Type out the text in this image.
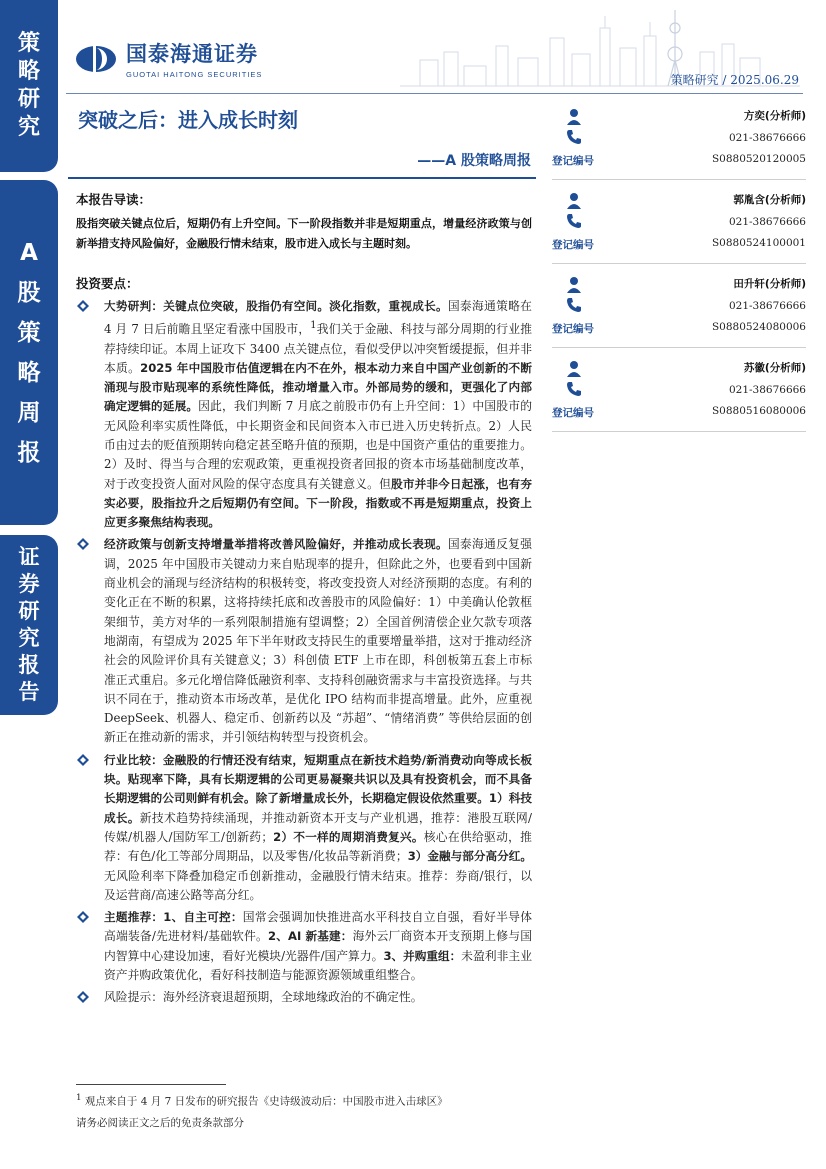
策
略
研
究
A
股
策
略
周
报
证
券
研
究
报
告
国泰海通证券
GUOTAI HAITONG SECURITIES	策略研究 / 2025.06.29
突破之后：进入成长时刻
——A 股策略周报
本报告导读：
股指突破关键点位后，短期仍有上升空间。下一阶段指数并非是短期重点，增量经济政策与创新举措支持风险偏好，金融股行情未结束，股市进入成长与主题时刻。
投资要点：
大势研判：关键点位突破，股指仍有空间。淡化指数，重视成长。国泰海通策略在 4 月 7 日后前瞻且坚定看涨中国股市，$^1$我们关于金融、科技与部分周期的行业推荐持续印证。本周上证攻下 3400 点关键点位，看似受伊以冲突暂缓提振，但并非本质。2025 年中国股市估值逻辑在内不在外，根本动力来自中国产业创新的不断涌现与股市贴现率的系统性降低，推动增量入市。外部局势的缓和，更强化了内部确定逻辑的延展。因此，我们判断 7 月底之前股市仍有上升空间：1）中国股市的无风险利率实质性降低，中长期资金和民间资本入市已进入历史转折点。2）人民币由过去的贬值预期转向稳定甚至略升值的预期，也是中国资产重估的重要推力。2）及时、得当与合理的宏观政策，更重视投资者回报的资本市场基础制度改革，对于改变投资人面对风险的保守态度具有关键意义。但股市并非今日起涨，也有夯实必要，股指拉升之后短期仍有空间。下一阶段，指数或不再是短期重点，投资上应更多聚焦结构表现。
经济政策与创新支持增量举措将改善风险偏好，并推动成长表现。国泰海通反复强调，2025 年中国股市关键动力来自贴现率的提升，但除此之外，也要看到中国新商业机会的涌现与经济结构的积极转变，将改变投资人对经济预期的态度。有利的变化正在不断的积累，这将持续托底和改善股市的风险偏好：1）中美确认伦敦框架细节，美方对华的一系列限制措施有望调整；2）全国首例清偿企业欠款专项落地湖南，有望成为 2025 年下半年财政支持民生的重要增量举措，这对于推动经济社会的风险评价具有关键意义；3）科创债 ETF 上市在即，科创板第五套上市标准正式重启。多元化增信降低融资利率、支持科创融资需求与丰富投资选择。与共识不同在于，推动资本市场改革，是优化 IPO 结构而非提高增量。此外，应重视 DeepSeek、机器人、稳定币、创新药以及 “苏超”、“情绪消费” 等供给层面的创新正在推动新的需求，并引领结构转型与投资机会。
行业比较：金融股的行情还没有结束，短期重点在新技术趋势/新消费动向等成长板块。贴现率下降，具有长期逻辑的公司更易凝聚共识以及具有投资机会，而不具备长期逻辑的公司则鲜有机会。除了新增量成长外，长期稳定假设依然重要。1）科技成长。新技术趋势持续涌现，并推动新资本开支与产业机遇，推荐：港股互联网/传媒/机器人/国防军工/创新药；2）不一样的周期消费复兴。核心在供给驱动，推荐：有色/化工等部分周期品，以及零售/化妆品等新消费；3）金融与部分高分红。无风险利率下降叠加稳定币创新推动，金融股行情未结束。推荐：券商/银行，以及运营商/高速公路等高分红。
主题推荐：1、自主可控：国常会强调加快推进高水平科技自立自强，看好半导体高端装备/先进材料/基础软件。2、AI 新基建：海外云厂商资本开支预期上修与国内智算中心建设加速，看好光模块/光器件/国产算力。3、并购重组：未盈利非主业资产并购政策优化，看好科技制造与能源资源领域重组整合。
风险提示：海外经济衰退超预期，全球地缘政治的不确定性。
方奕(分析师)
021-38676666
登记编号	S0880520120005
郭胤含(分析师)
021-38676666
登记编号	S0880524100001
田升轩(分析师)
021-38676666
登记编号	S0880524080006
苏徽(分析师)
021-38676666
登记编号	S0880516080006
$^1$ 观点来自于 4 月 7 日发布的研究报告《史诗级波动后：中国股市进入击球区》
请务必阅读正文之后的免责条款部分
